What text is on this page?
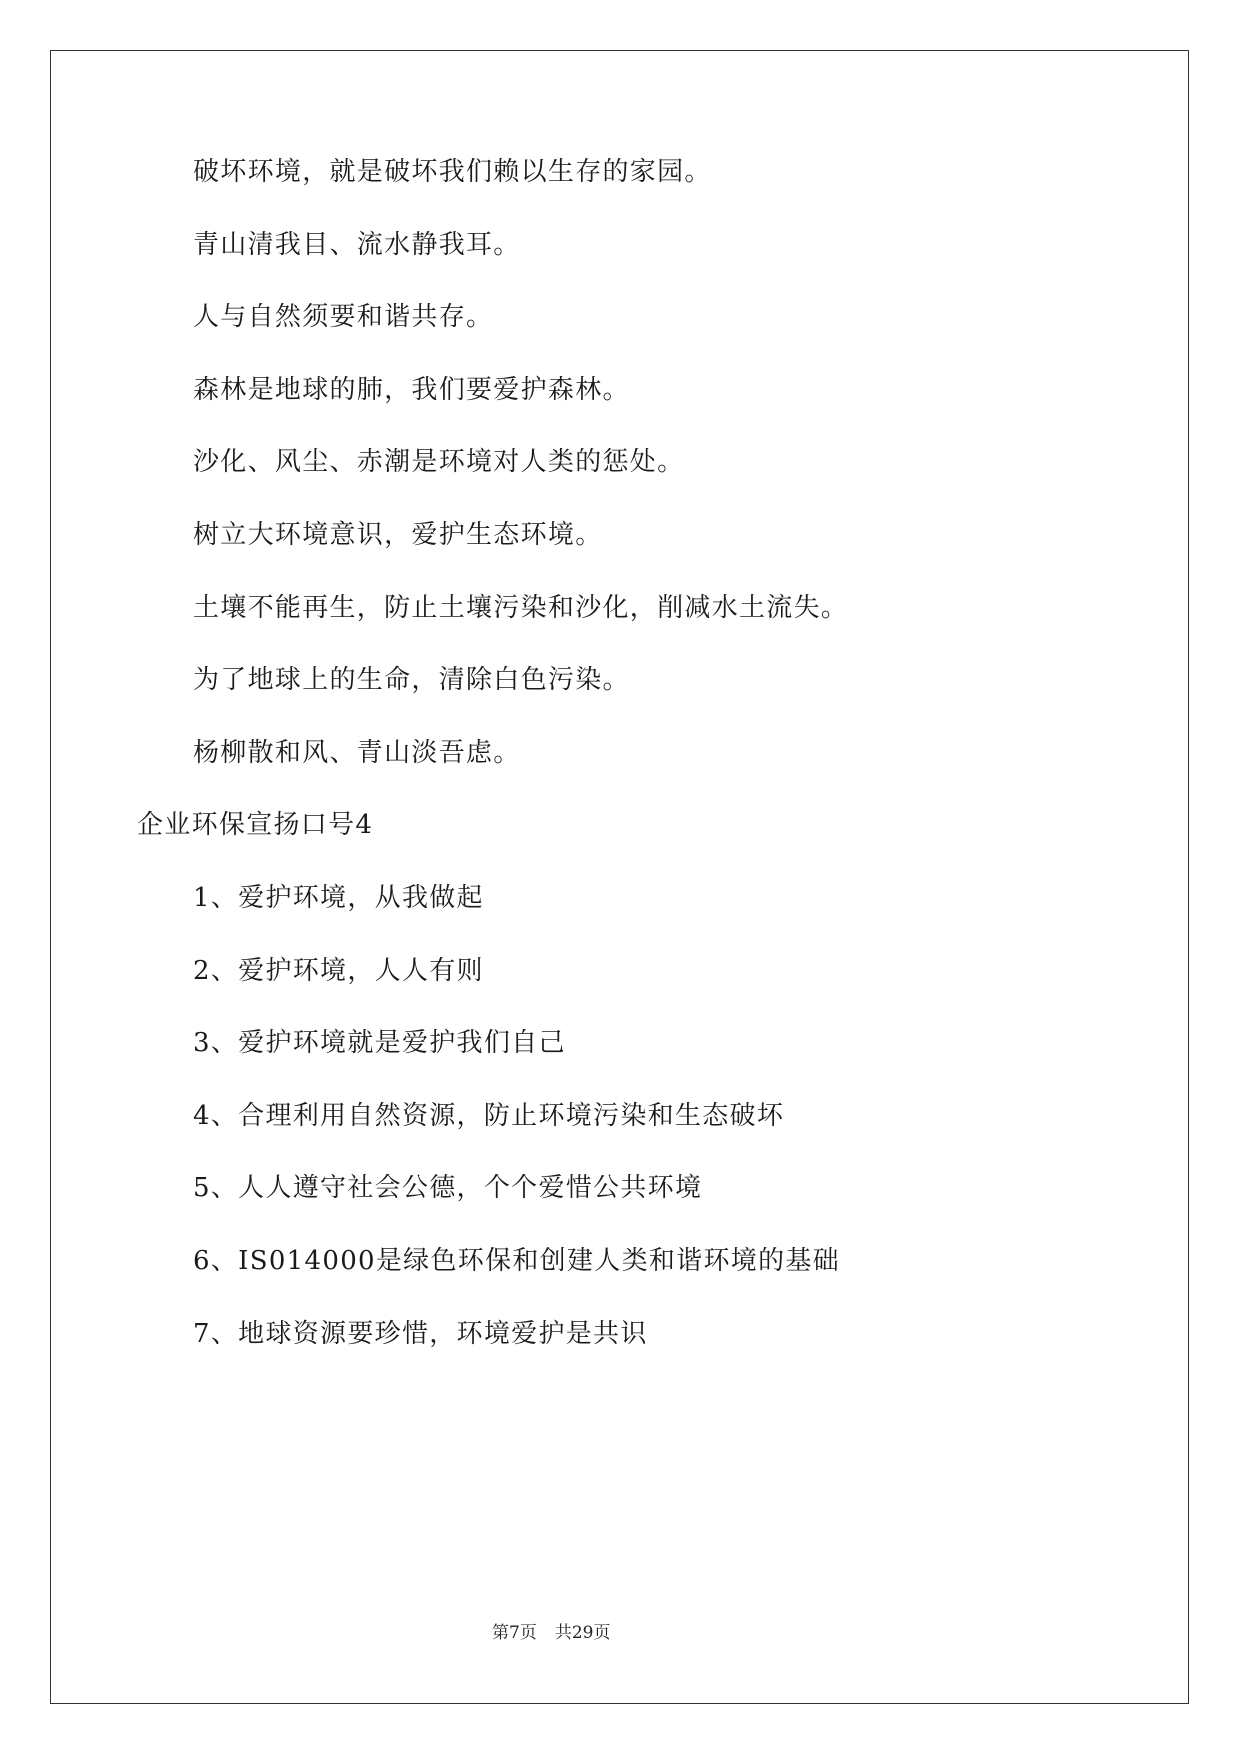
破坏环境，就是破坏我们赖以生存的家园。
青山清我目、流水静我耳。
人与自然须要和谐共存。
森林是地球的肺，我们要爱护森林。
沙化、风尘、赤潮是环境对人类的惩处。
树立大环境意识，爱护生态环境。
土壤不能再生，防止土壤污染和沙化，削减水土流失。
为了地球上的生命，清除白色污染。
杨柳散和风、青山淡吾虑。
企业环保宣扬口号4
1、爱护环境，从我做起
2、爱护环境，人人有则
3、爱护环境就是爱护我们自己
4、合理利用自然资源，防止环境污染和生态破坏
5、人人遵守社会公德，个个爱惜公共环境
6、IS014000是绿色环保和创建人类和谐环境的基础
7、地球资源要珍惜，环境爱护是共识
第7页 共29页
